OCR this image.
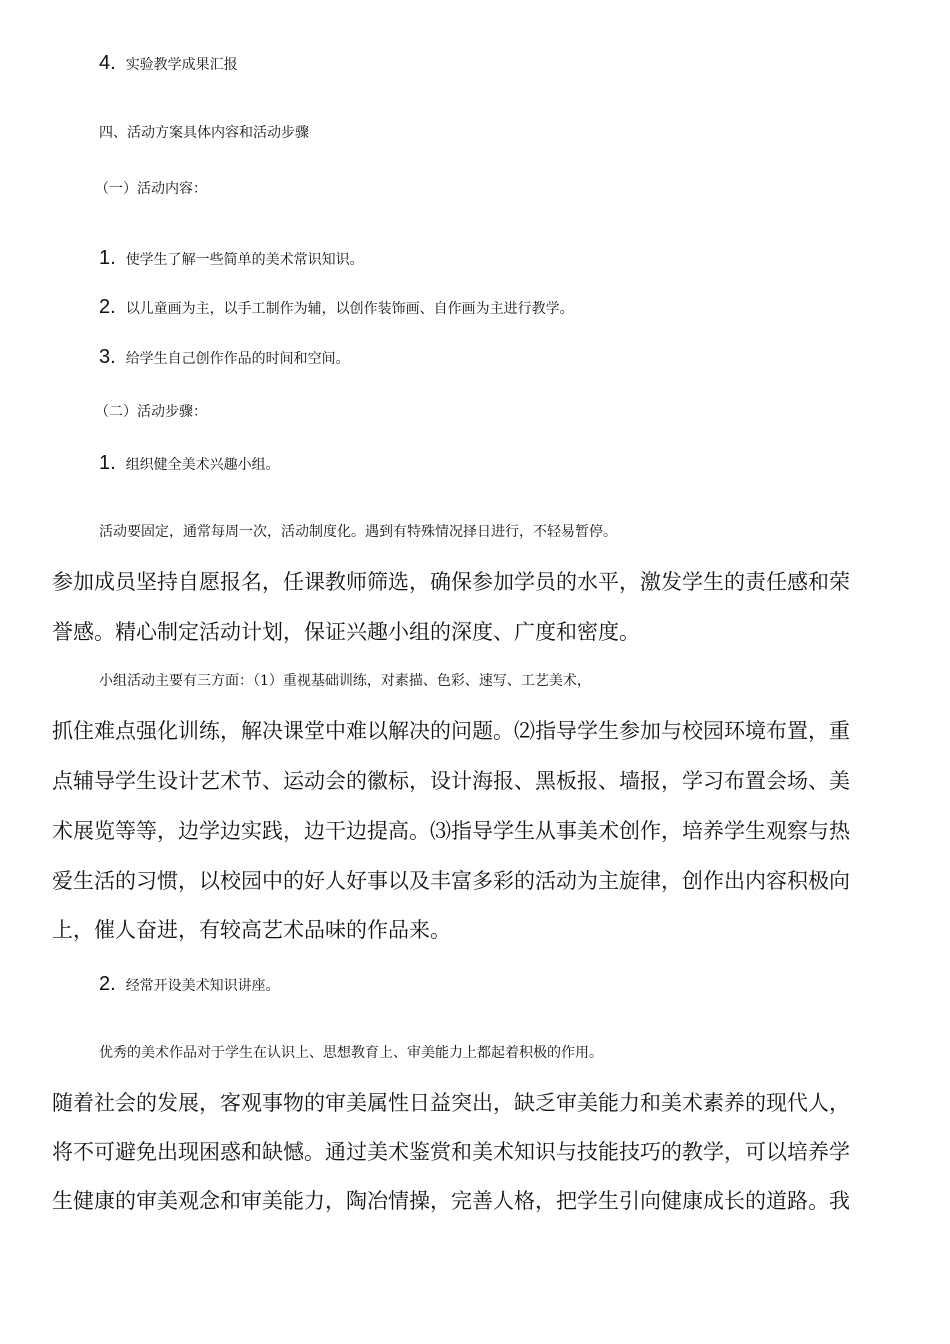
4. 实验教学成果汇报
四、活动方案具体内容和活动步骤
（一）活动内容：
1. 使学生了解一些简单的美术常识知识。
2. 以儿童画为主，以手工制作为辅，以创作装饰画、自作画为主进行教学。
3. 给学生自己创作作品的时间和空间。
（二）活动步骤：
1. 组织健全美术兴趣小组。
活动要固定，通常每周一次，活动制度化。遇到有特殊情况择日进行，不轻易暂停。
参加成员坚持自愿报名，任课教师筛选，确保参加学员的水平，激发学生的责任感和荣
誉感。精心制定活动计划，保证兴趣小组的深度、广度和密度。
小组活动主要有三方面：（1）重视基础训练，对素描、色彩、速写、工艺美术，
抓住难点强化训练，解决课堂中难以解决的问题。⑵指导学生参加与校园环境布置，重
点辅导学生设计艺术节、运动会的徽标，设计海报、黑板报、墙报，学习布置会场、美
术展览等等，边学边实践，边干边提高。⑶指导学生从事美术创作，培养学生观察与热
爱生活的习惯，以校园中的好人好事以及丰富多彩的活动为主旋律，创作出内容积极向
上，催人奋进，有较高艺术品味的作品来。
2. 经常开设美术知识讲座。
优秀的美术作品对于学生在认识上、思想教育上、审美能力上都起着积极的作用。
随着社会的发展，客观事物的审美属性日益突出，缺乏审美能力和美术素养的现代人，
将不可避免出现困惑和缺憾。通过美术鉴赏和美术知识与技能技巧的教学，可以培养学
生健康的审美观念和审美能力，陶冶情操，完善人格，把学生引向健康成长的道路。我
